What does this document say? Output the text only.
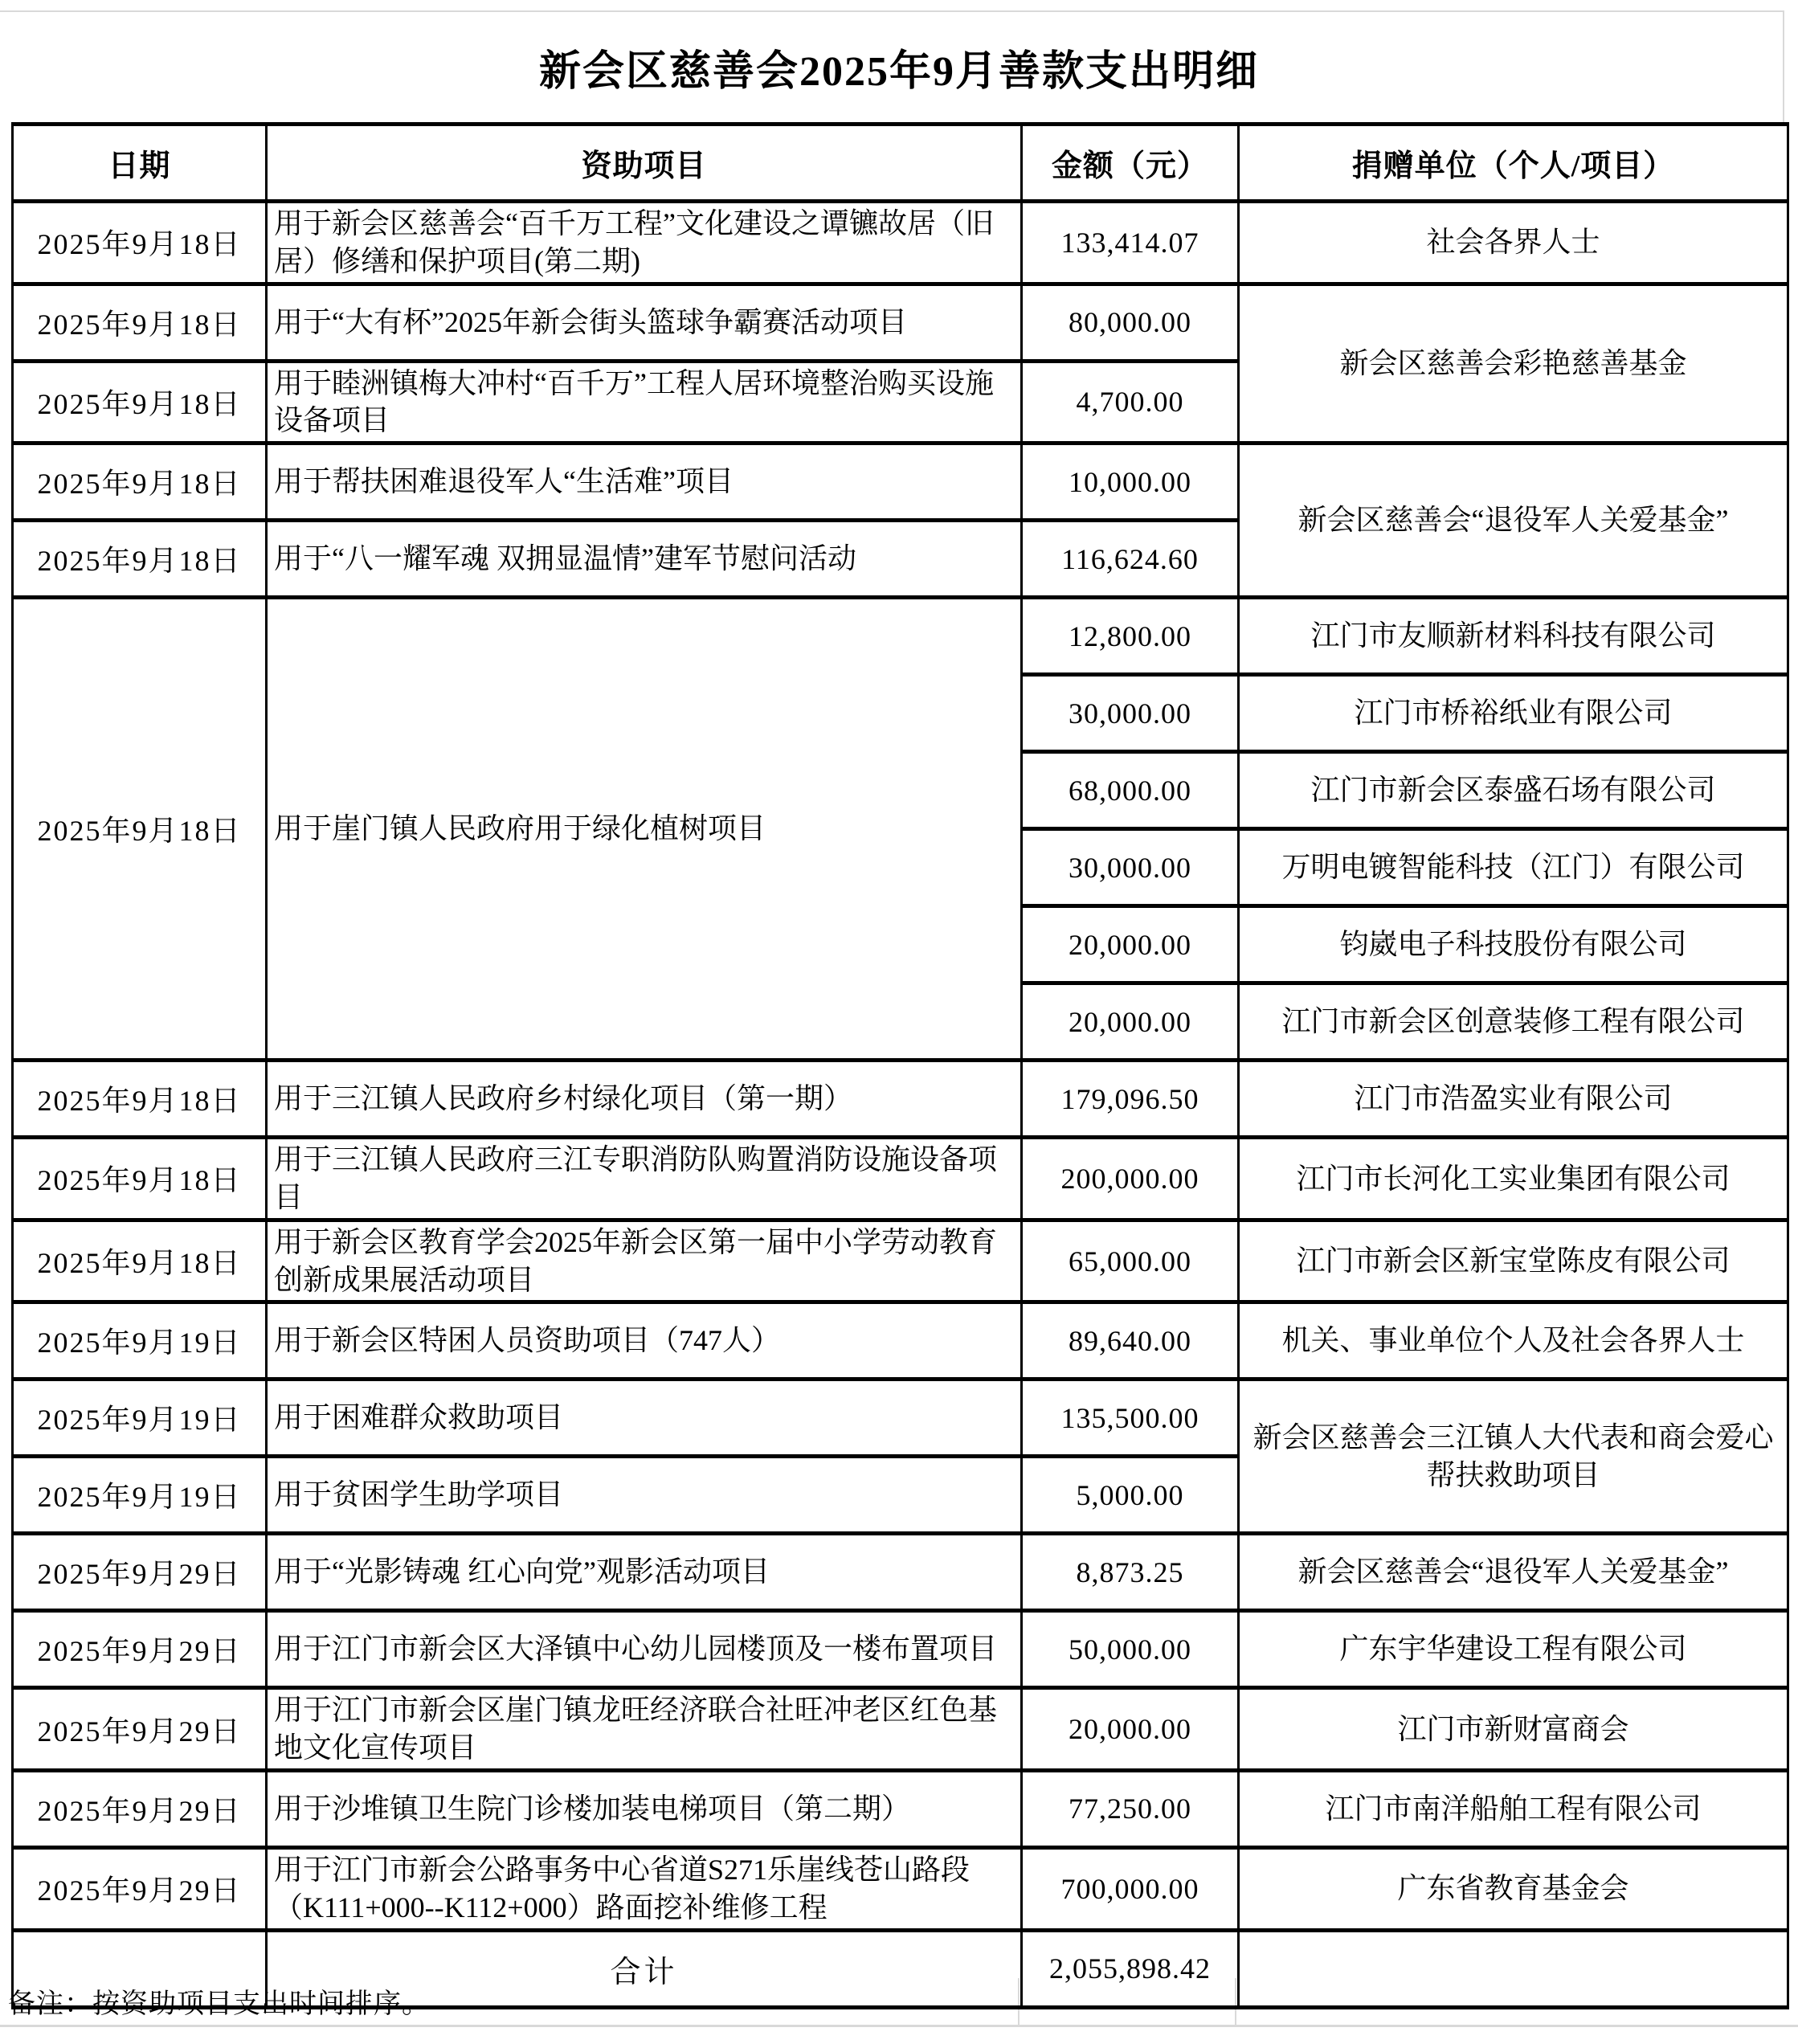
新会区慈善会2025年9月善款支出明细
日期	资助项目	金额（元）	捐赠单位（个人/项目）
2025年9月18日	用于新会区慈善会“百千万工程”文化建设之谭镳故居（旧居）修缮和保护项目(第二期)	133,414.07	社会各界人士
2025年9月18日	用于“大有杯”2025年新会街头篮球争霸赛活动项目	80,000.00	新会区慈善会彩艳慈善基金
2025年9月18日	用于睦洲镇梅大冲村“百千万”工程人居环境整治购买设施设备项目	4,700.00	
2025年9月18日	用于帮扶困难退役军人“生活难”项目	10,000.00	新会区慈善会“退役军人关爱基金”
2025年9月18日	用于“八一耀军魂 双拥显温情”建军节慰问活动	116,624.60	
2025年9月18日	用于崖门镇人民政府用于绿化植树项目	12,800.00	江门市友顺新材料科技有限公司
		30,000.00	江门市桥裕纸业有限公司
		68,000.00	江门市新会区泰盛石场有限公司
		30,000.00	万明电镀智能科技（江门）有限公司
		20,000.00	钧崴电子科技股份有限公司
		20,000.00	江门市新会区创意装修工程有限公司
2025年9月18日	用于三江镇人民政府乡村绿化项目（第一期）	179,096.50	江门市浩盈实业有限公司
2025年9月18日	用于三江镇人民政府三江专职消防队购置消防设施设备项目	200,000.00	江门市长河化工实业集团有限公司
2025年9月18日	用于新会区教育学会2025年新会区第一届中小学劳动教育创新成果展活动项目	65,000.00	江门市新会区新宝堂陈皮有限公司
2025年9月19日	用于新会区特困人员资助项目（747人）	89,640.00	机关、事业单位个人及社会各界人士
2025年9月19日	用于困难群众救助项目	135,500.00	新会区慈善会三江镇人大代表和商会爱心帮扶救助项目
2025年9月19日	用于贫困学生助学项目	5,000.00	
2025年9月29日	用于“光影铸魂 红心向党”观影活动项目	8,873.25	新会区慈善会“退役军人关爱基金”
2025年9月29日	用于江门市新会区大泽镇中心幼儿园楼顶及一楼布置项目	50,000.00	广东宇华建设工程有限公司
2025年9月29日	用于江门市新会区崖门镇龙旺经济联合社旺冲老区红色基地文化宣传项目	20,000.00	江门市新财富商会
2025年9月29日	用于沙堆镇卫生院门诊楼加装电梯项目（第二期）	77,250.00	江门市南洋船舶工程有限公司
2025年9月29日	用于江门市新会公路事务中心省道S271乐崖线苍山路段（K111+000--K112+000）路面挖补维修工程	700,000.00	广东省教育基金会
	合计	2,055,898.42	
备注：按资助项目支出时间排序。
